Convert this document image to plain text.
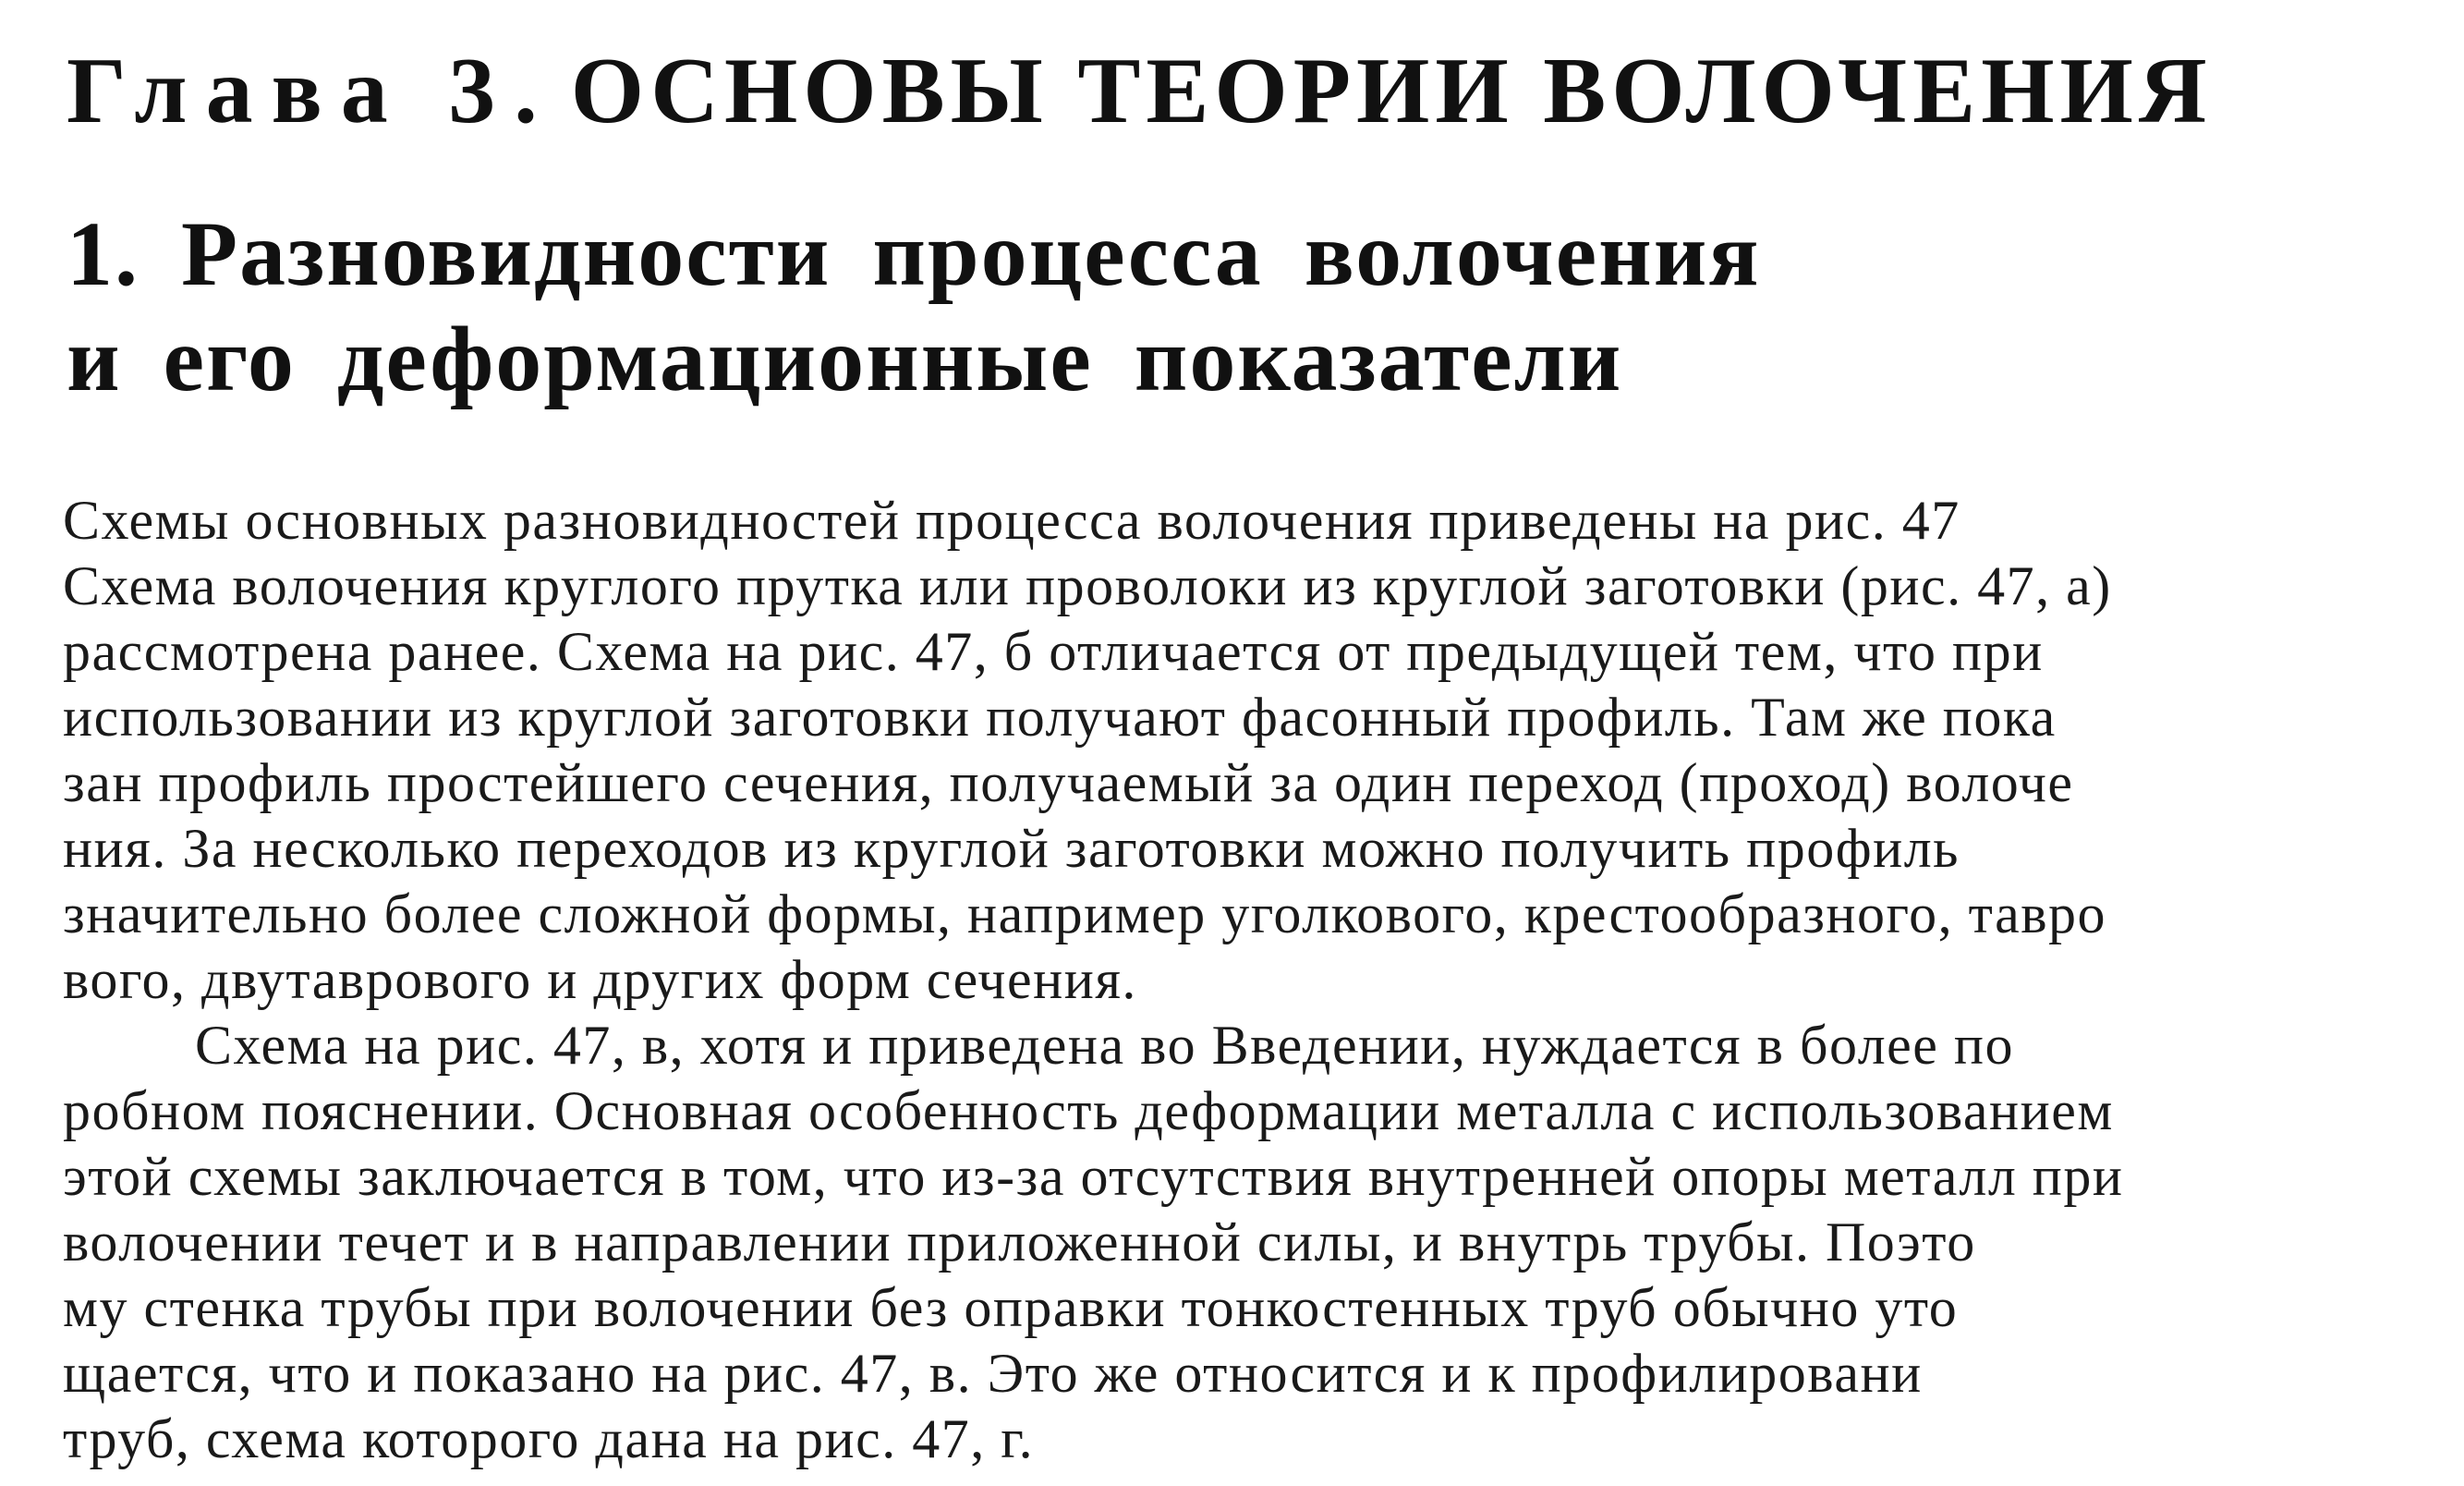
Глава 3. ОСНОВЫ ТЕОРИИ ВОЛОЧЕНИЯ
1. Разновидности процесса волочения
и его деформационные показатели
Схемы основных разновидностей процесса волочения приведены на рис. 47
Схема волочения круглого прутка или проволоки из круглой заготовки (рис. 47, а)
рассмотрена ранее. Схема на рис. 47, б отличается от предыдущей тем, что при
использовании из круглой заготовки получают фасонный профиль. Там же пока
зан профиль простейшего сечения, получаемый за один переход (проход) волоче
ния. За несколько переходов из круглой заготовки можно получить профиль
значительно более сложной формы, например уголкового, крестообразного, тавро
вого, двутаврового и других форм сечения.
Схема на рис. 47, в, хотя и приведена во Введении, нуждается в более по
робном пояснении. Основная особенность деформации металла с использованием
этой схемы заключается в том, что из-за отсутствия внутренней опоры металл при
волочении течет и в направлении приложенной силы, и внутрь трубы. Поэто
му стенка трубы при волочении без оправки тонкостенных труб обычно уто
щается, что и показано на рис. 47, в. Это же относится и к профилировани
труб, схема которого дана на рис. 47, г.
